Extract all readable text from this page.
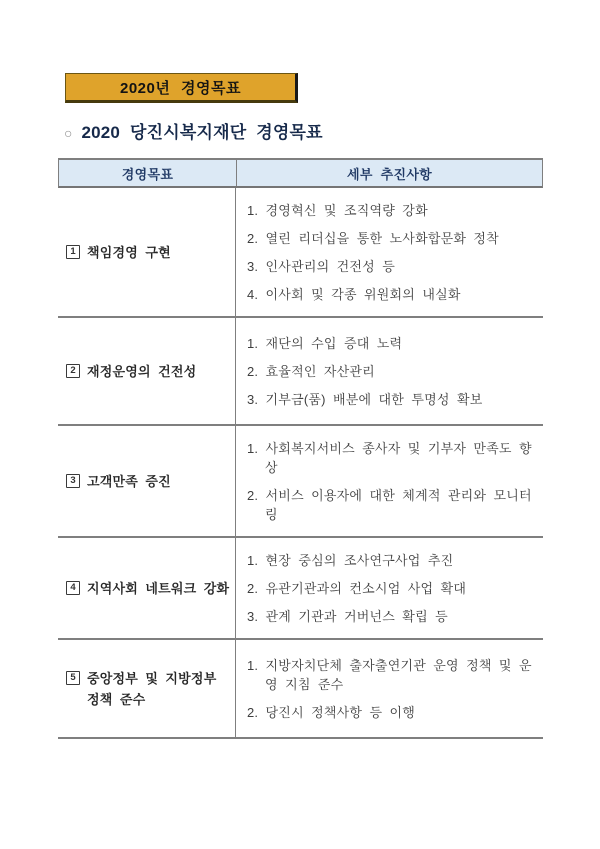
2020년 경영목표
○ 2020 당진시복지재단 경영목표
경영목표	세부 추진사항
1 책임경영 구현
1. 경영혁신 및 조직역량 강화
2. 열린 리더십을 통한 노사화합문화 정착
3. 인사관리의 건전성 등
4. 이사회 및 각종 위원회의 내실화
2 재정운영의 건전성
1. 재단의 수입 증대 노력
2. 효율적인 자산관리
3. 기부금(품) 배분에 대한 투명성 확보
3 고객만족 증진
1. 사회복지서비스 종사자 및 기부자 만족도 향상
2. 서비스 이용자에 대한 체계적 관리와 모니터링
4 지역사회 네트워크 강화
1. 현장 중심의 조사연구사업 추진
2. 유관기관과의 컨소시엄 사업 확대
3. 관계 기관과 거버넌스 확립 등
5 중앙정부 및 지방정부 정책 준수
1. 지방자치단체 출자출연기관 운영 정책 및 운영 지침 준수
2. 당진시 정책사항 등 이행
